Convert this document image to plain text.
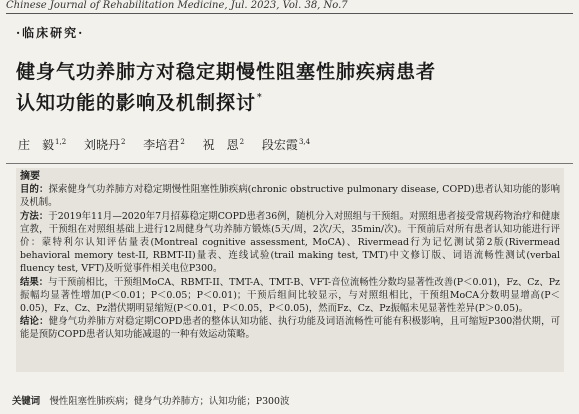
Chinese Journal of Rehabilitation Medicine, Jul. 2023, Vol. 38, No.7
·临床研究·
健身气功养肺方对稳定期慢性阻塞性肺疾病患者
认知功能的影响及机制探讨*
庄　毅$^{1,2}$ 刘晓丹$^2$ 李培君$^2$ 祝　恩$^2$ 段宏霞$^{3,4}$
摘要

目的：探索健身气功养肺方对稳定期慢性阻塞性肺疾病(chronic obstructive pulmonary disease, COPD)患者认知功能的影响及机制。

方法：于2019年11月—2020年7月招募稳定期COPD患者36例，随机分入对照组与干预组。对照组患者接受常规药物治疗和健康宣教，干预组在对照组基础上进行12周健身气功养肺方锻炼(5天/周，2次/天，35min/次)。干预前后对所有患者认知功能进行评价：蒙特利尔认知评估量表(Montreal cognitive assessment, MoCA)、Rivermead行为记忆测试第2版(Rivermead behavioral memory test-II, RBMT-II)量表、连线试验(trail making test, TMT)中文修订版、词语流畅性测试(verbal fluency test, VFT)及听觉事件相关电位P300。

结果：与干预前相比，干预组MoCA、RBMT-II、TMT-A、TMT-B、VFT-音位流畅性分数均显著性改善(P＜0.01)，Fz、Cz、Pz振幅均显著性增加(P＜0.01；P＜0.05；P＜0.01)；干预后组间比较显示，与对照组相比，干预组MoCA分数明显增高(P＜0.05)，Fz、Cz、Pz潜伏期明显缩短(P＜0.01，P＜0.05，P＜0.05)，然而Fz、Cz、Pz振幅未见显著性差异(P＞0.05)。

结论：健身气功养肺方对稳定期COPD患者的整体认知功能、执行功能及词语流畅性可能有积极影响，且可缩短P300潜伏期，可能是预防COPD患者认知功能减退的一种有效运动策略。

关键词　 慢性阻塞性肺疾病；健身气功养肺方；认知功能；P300波
